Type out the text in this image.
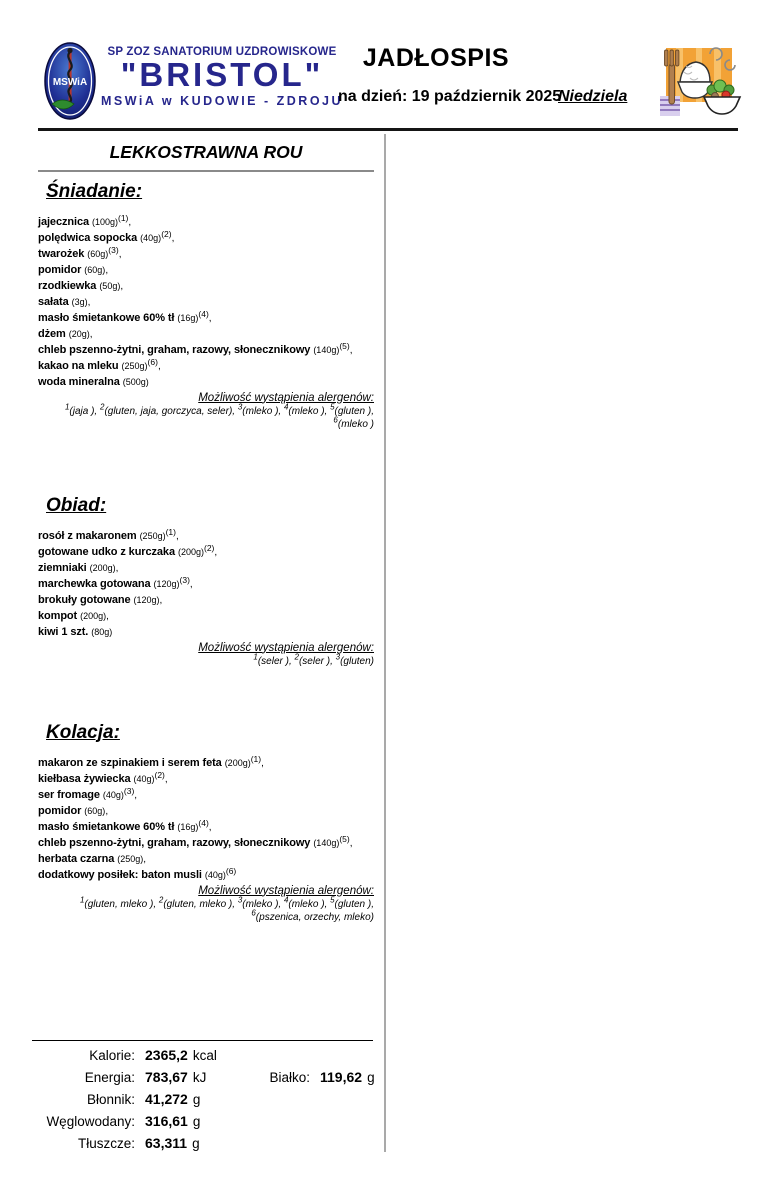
MSWiA
SP ZOZ SANATORIUM UZDROWISKOWE
"BRISTOL"
MSWiA w KUDOWIE - ZDROJU
JADŁOSPIS
na dzień: 19 październik 2025
Niedziela
LEKKOSTRAWNA ROU
Śniadanie:
jajecznica $(100g)^{(1)}$,
polędwica sopocka $(40g)^{(2)}$,
twarożek $(60g)^{(3)}$,
pomidor (60g),
rzodkiewka (50g),
sałata (3g),
masło śmietankowe 60% tł $(16g)^{(4)}$,
dżem (20g),
chleb pszenno-żytni, graham, razowy, słonecznikowy $(140g)^{(5)}$,
kakao na mleku $(250g)^{(6)}$,
woda mineralna (500g)
Możliwość wystąpienia alergenów:
$^1$(jaja ), $^2$(gluten, jaja, gorczyca, seler), $^3$(mleko ), $^4$(mleko ), $^5$(gluten ), $^6$(mleko )
Obiad:
rosół z makaronem $(250g)^{(1)}$,
gotowane udko z kurczaka $(200g)^{(2)}$,
ziemniaki (200g),
marchewka gotowana $(120g)^{(3)}$,
brokuły gotowane (120g),
kompot (200g),
kiwi 1 szt. (80g)
Możliwość wystąpienia alergenów:
$^1$(seler ), $^2$(seler ), $^3$(gluten)
Kolacja:
makaron ze szpinakiem i serem feta $(200g)^{(1)}$,
kiełbasa żywiecka $(40g)^{(2)}$,
ser fromage $(40g)^{(3)}$,
pomidor (60g),
masło śmietankowe 60% tł $(16g)^{(4)}$,
chleb pszenno-żytni, graham, razowy, słonecznikowy $(140g)^{(5)}$,
herbata czarna (250g),
dodatkowy posiłek: baton musli $(40g)^{(6)}$
Możliwość wystąpienia alergenów:
$^1$(gluten, mleko ), $^2$(gluten, mleko ), $^3$(mleko ), $^4$(mleko ), $^5$(gluten ), $^6$(pszenica, orzechy, mleko)
Kalorie: 2365,2 kcal
Energia: 783,67 kJ	Białko: 119,62 g
Błonnik: 41,272 g
Węglowodany: 316,61 g
Tłuszcze: 63,311 g
